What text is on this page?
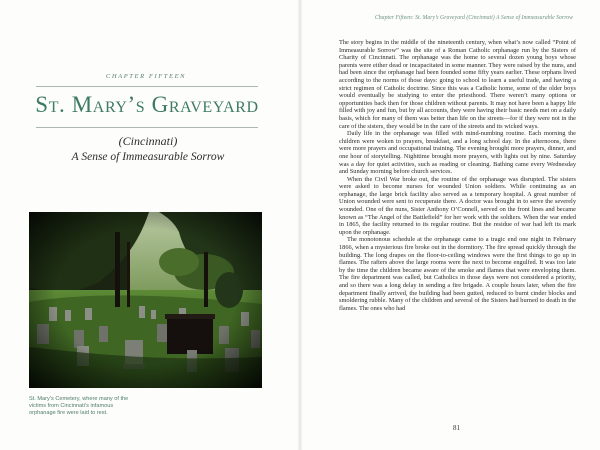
CHAPTER FIFTEEN
St. Mary’s Graveyard
(Cincinnati)
A Sense of Immeasurable Sorrow
St. Mary’s Cemetery, where many of the victims from Cincinnati’s infamous orphanage fire were laid to rest.
Chapter Fifteen: St. Mary’s Graveyard (Cincinnati) A Sense of Immeasurable Sorrow

The story begins in the middle of the nineteenth century, when what’s now called “Point of Immeasurable Sorrow” was the site of a Roman Catholic orphanage run by the Sisters of Charity of Cincinnati. The orphanage was the home to several dozen young boys whose parents were either dead or incapacitated in some manner. They were raised by the nuns, and had been since the orphanage had been founded some fifty years earlier. These orphans lived according to the norms of those days: going to school to learn a useful trade, and having a strict regimen of Catholic doctrine. Since this was a Catholic home, some of the older boys would eventually be studying to enter the priesthood. There weren’t many options or opportunities back then for those children without parents. It may not have been a happy life filled with joy and fun, but by all accounts, they were having their basic needs met on a daily basis, which for many of them was better than life on the streets—for if they were not in the care of the sisters, they would be in the care of the streets and its wicked ways.

Daily life in the orphanage was filled with mind-numbing routine. Each morning the children were woken to prayers, breakfast, and a long school day. In the afternoons, there were more prayers and occupational training. The evening brought more prayers, dinner, and one hour of storytelling. Nighttime brought more prayers, with lights out by nine. Saturday was a day for quiet activities, such as reading or cleaning. Bathing came every Wednesday and Sunday morning before church services.

When the Civil War broke out, the routine of the orphanage was disrupted. The sisters were asked to become nurses for wounded Union soldiers. While continuing as an orphanage, the large brick facility also served as a temporary hospital. A great number of Union wounded were sent to recuperate there. A doctor was brought in to serve the severely wounded. One of the nuns, Sister Anthony O’Connell, served on the front lines and became known as “The Angel of the Battlefield” for her work with the soldiers. When the war ended in 1865, the facility returned to its regular routine. But the residue of war had left its mark upon the orphanage.

The monotonous schedule at the orphanage came to a tragic end one night in February 1866, when a mysterious fire broke out in the dormitory. The fire spread quickly through the building. The long drapes on the floor-to-ceiling windows were the first things to go up in flames. The rafters above the large rooms were the next to become engulfed. It was too late by the time the children became aware of the smoke and flames that were enveloping them. The fire department was called, but Catholics in those days were not considered a priority, and so there was a long delay in sending a fire brigade. A couple hours later, when the fire department finally arrived, the building had been gutted, reduced to burnt cinder blocks and smoldering rubble. Many of the children and several of the Sisters had burned to death in the flames. The ones who had

81
